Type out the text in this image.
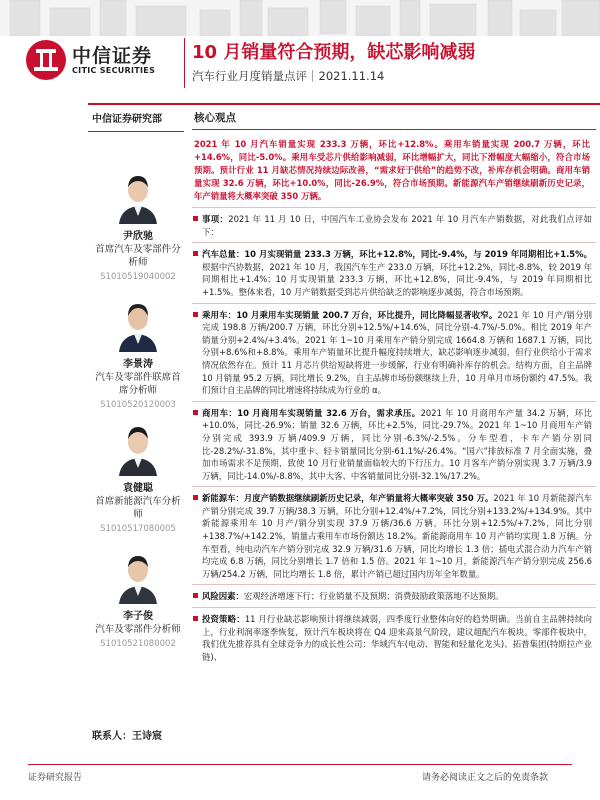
中信证券
CITIC SECURITIES
10 月销量符合预期，缺芯影响减弱
汽车行业月度销量点评｜2021.11.14
中信证券研究部
尹欣驰
首席汽车及零部件分析师
S1010519040002
李景涛
汽车及零部件联席首席分析师
S1010520120003
袁健聪
首席新能源汽车分析师
S1010517080005
李子俊
汽车及零部件分析师
S1010521080002
联系人：王诗宸
核心观点
2021 年 10 月汽车销量实现 233.3 万辆，环比+12.8%。乘用车销量实现 200.7 万辆，环比+14.6%，同比-5.0%。乘用车受芯片供给影响减弱，环比增幅扩大，同比下滑幅度大幅缩小，符合市场预期。预计行业 11 月缺芯情况持续边际改善，“需求好于供给”的趋势不改，补库存机会明确。商用车销量实现 32.6 万辆，环比+10.0%，同比-26.9%，符合市场预期。新能源汽车产销继续刷新历史记录，年产销量将大概率突破 350 万辆。
事项：2021 年 11 月 10 日，中国汽车工业协会发布 2021 年 10 月汽车产销数据，对此我们点评如下：
汽车总量：10 月实现销量 233.3 万辆，环比+12.8%，同比-9.4%，与 2019 年同期相比+1.5%。根据中汽协数据，2021 年 10 月，我国汽车生产 233.0 万辆，环比+12.2%，同比-8.8%，较 2019 年同期相比+1.4%；10 月实现销量 233.3 万辆，环比+12.8%，同比-9.4%，与 2019 年同期相比+1.5%。整体来看，10 月产销数据受到芯片供给缺乏的影响逐步减弱，符合市场预期。
乘用车：10 月乘用车实现销量 200.7 万台，环比提升，同比降幅显著收窄。2021 年 10 月产/销分别完成 198.8 万辆/200.7 万辆，环比分别+12.5%/+14.6%，同比分别-4.7%/-5.0%。相比 2019 年产销量分别+2.4%/+3.4%。2021 年 1~10 月乘用车产销分别完成 1664.8 万辆和 1687.1 万辆，同比分别+8.6%和+8.8%。乘用车产销量环比提升幅度持续增大，缺芯影响逐步减弱，但行业供给小于需求情况依然存在。预计 11 月芯片供给短缺将进一步缓解，行业有明确补库存的机会。结构方面，自主品牌 10 月销量 95.2 万辆，同比增长 9.2%，自主品牌市场份额继续上升，10 月单月市场份额约 47.5%。我们预计自主品牌的同比增速将持续成为行业的 α。
商用车：10 月商用车实现销量 32.6 万台，需求承压。2021 年 10 月商用车产量 34.2 万辆，环比+10.0%，同比-26.9%；销量 32.6 万辆，环比+2.5%，同比-29.7%。2021 年 1~10 月商用车产销分别完成 393.9 万辆/409.9 万辆，同比分别-6.3%/-2.5%。分车型看，卡车产销分别同比-28.2%/-31.8%，其中重卡、轻卡销量同比分别-61.1%/-26.4%。“国六”排放标准 7 月全面实施，叠加市场需求不足预期，致使 10 月行业销量面临较大的下行压力。10 月客车产销分别实现 3.7 万辆/3.9 万辆，同比-14.0%/-8.8%，其中大客、中客销量同比分别-32.1%/17.2%。
新能源车：月度产销数据继续刷新历史记录，年产销量将大概率突破 350 万。2021 年 10 月新能源汽车产销分别完成 39.7 万辆/38.3 万辆，环比分别+12.4%/+7.2%，同比分别+133.2%/+134.9%。其中新能源乘用车 10 月产/销分别实现 37.9 万辆/36.6 万辆，环比分别+12.5%/+7.2%，同比分别+138.7%/+142.2%，销量占乘用车市场份额达 18.2%。新能源商用车 10 月产销均实现 1.8 万辆。分车型看，纯电动汽车产销分别完成 32.9 万辆/31.6 万辆，同比均增长 1.3 倍；插电式混合动力汽车产销均完成 6.8 万辆，同比分别增长 1.7 倍和 1.5 倍。2021 年 1~10 月，新能源汽车产销分别完成 256.6 万辆/254.2 万辆，同比均增长 1.8 倍，累计产销已超过国内历年全年数量。
风险因素：宏观经济增速下行；行业销量不及预期；消费鼓励政策落地不达预期。
投资策略：11 月行业缺芯影响预计将继续减弱，四季度行业整体向好的趋势明确。当前自主品牌持续向上，行业利润率逐季恢复，预计汽车板块将在 Q4 迎来高景气阶段，建议超配汽车板块。零部件板块中，我们优先推荐具有全球竞争力的成长性公司：华域汽车(电动、智能和轻量化龙头)、拓普集团(特斯拉产业链)、
证券研究报告	请务必阅读正文之后的免责条款
